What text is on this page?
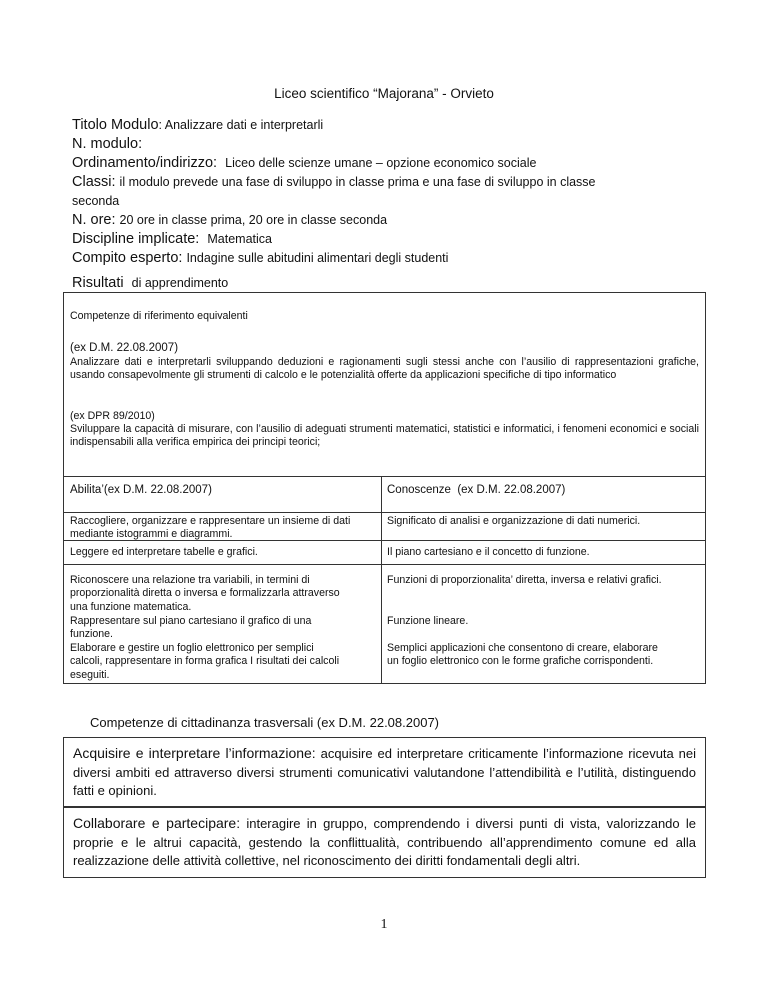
Liceo scientifico “Majorana” - Orvieto
Titolo Modulo: Analizzare dati e interpretarli
N. modulo:
Ordinamento/indirizzo: Liceo delle scienze umane – opzione economico sociale
Classi: il modulo prevede una fase di sviluppo in classe prima e una fase di sviluppo in classe
seconda
N. ore: 20 ore in classe prima, 20 ore in classe seconda
Discipline implicate: Matematica
Compito esperto: Indagine sulle abitudini alimentari degli studenti
Risultati di apprendimento
Competenze di riferimento equivalenti
(ex D.M. 22.08.2007)
Analizzare dati e interpretarli sviluppando deduzioni e ragionamenti sugli stessi anche con l’ausilio di rappresentazioni grafiche, usando consapevolmente gli strumenti di calcolo e le potenzialità offerte da applicazioni specifiche di tipo informatico
(ex DPR 89/2010)
Sviluppare la capacità di misurare, con l’ausilio di adeguati strumenti matematici, statistici e informatici, i fenomeni economici e sociali indispensabili alla verifica empirica dei principi teorici;
Abilita’(ex D.M. 22.08.2007)	Conoscenze  (ex D.M. 22.08.2007)
Raccogliere, organizzare e rappresentare un insieme di dati
mediante istogrammi e diagrammi.
Significato di analisi e organizzazione di dati numerici.
Leggere ed interpretare tabelle e grafici.	Il piano cartesiano e il concetto di funzione.
Riconoscere una relazione tra variabili, in termini di
proporzionalità diretta o inversa e formalizzarla attraverso
una funzione matematica.
Funzioni di proporzionalita’ diretta, inversa e relativi grafici.
Rappresentare sul piano cartesiano il grafico di una
funzione.
Funzione lineare.
Elaborare e gestire un foglio elettronico per semplici
calcoli, rappresentare in forma grafica I risultati dei calcoli
eseguiti.
Semplici applicazioni che consentono di creare, elaborare
un foglio elettronico con le forme grafiche corrispondenti.
Competenze di cittadinanza trasversali (ex D.M. 22.08.2007)
Acquisire e interpretare l’informazione: acquisire ed interpretare criticamente l’informazione ricevuta nei diversi ambiti ed attraverso diversi strumenti comunicativi valutandone l’attendibilità e l’utilità, distinguendo fatti e opinioni.
Collaborare e partecipare: interagire in gruppo, comprendendo i diversi punti di vista, valorizzando le proprie e le altrui capacità, gestendo la conflittualità, contribuendo all’apprendimento comune ed alla realizzazione delle attività collettive, nel riconoscimento dei diritti fondamentali degli altri.
1
